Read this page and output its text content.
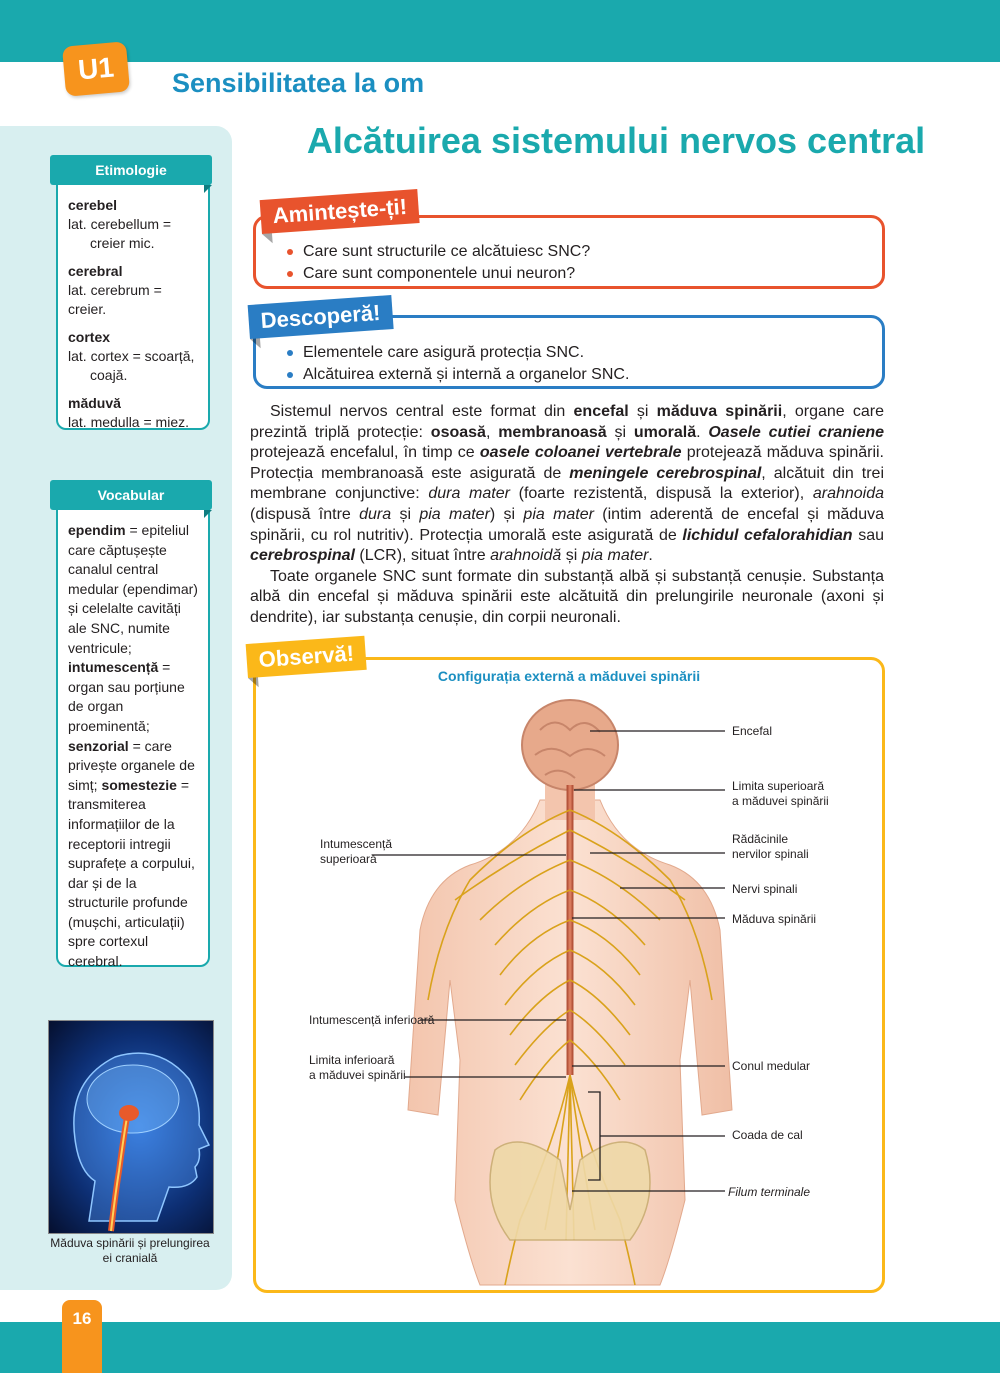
U1	Sensibilitatea la om
cerebel
lat. cerebellum =
creier mic.
cerebral
lat. cerebrum = creier.
cortex
lat. cortex = scoarță,
coajă.
măduvă
lat. medulla = miez.
Etimologie
ependim = epiteliul care căptușește canalul central medular (ependimar) și celelalte cavități ale SNC, numite ventricule; intumescență = organ sau porțiune de organ proeminentă; senzorial = care privește organele de simț; somestezie = transmiterea informațiilor de la receptorii intregii suprafețe a corpului, dar și de la structurile profunde (mușchi, articulații) spre cortexul cerebral.
Vocabular
Măduva spinării și prelungirea ei cranială
Alcătuirea sistemului nervos central
Amintește-ți!
Care sunt structurile ce alcătuiesc SNC?
Care sunt componentele unui neuron?
Descoperă!
Elementele care asigură protecția SNC.
Alcătuirea externă și internă a organelor SNC.

Sistemul nervos central este format din encefal și măduva spinării, organe care prezintă triplă protecție: osoasă, membranoasă și umorală. Oasele cutiei craniene protejează encefalul, în timp ce oasele coloanei vertebrale protejează măduva spinării. Protecția membranoasă este asigurată de meningele cerebrospinal, alcătuit din trei membrane conjunctive: dura mater (foarte rezistentă, dispusă la exterior), arahnoida (dispusă între dura și pia mater) și pia mater (intim aderentă de encefal și măduva spinării, cu rol nutritiv). Protecția umorală este asigurată de lichidul cefalorahidian sau cerebrospinal (LCR), situat între arahnoidă și pia mater.

Toate organele SNC sunt formate din substanță albă și substanță cenușie. Substanța albă din encefal și măduva spinării este alcătuită din prelungirile neuronale (axoni și dendrite), iar substanța cenușie, din corpii neuronali.

Observă!
Configurația externă a măduvei spinării
Encefal
Limita superioară
a măduvei spinării
Rădăcinile
nervilor spinali
Nervi spinali
Măduva spinării
Intumescență
superioară
Intumescență inferioară
Limita inferioară
a măduvei spinării
Conul medular
Coada de cal
Filum terminale
16
